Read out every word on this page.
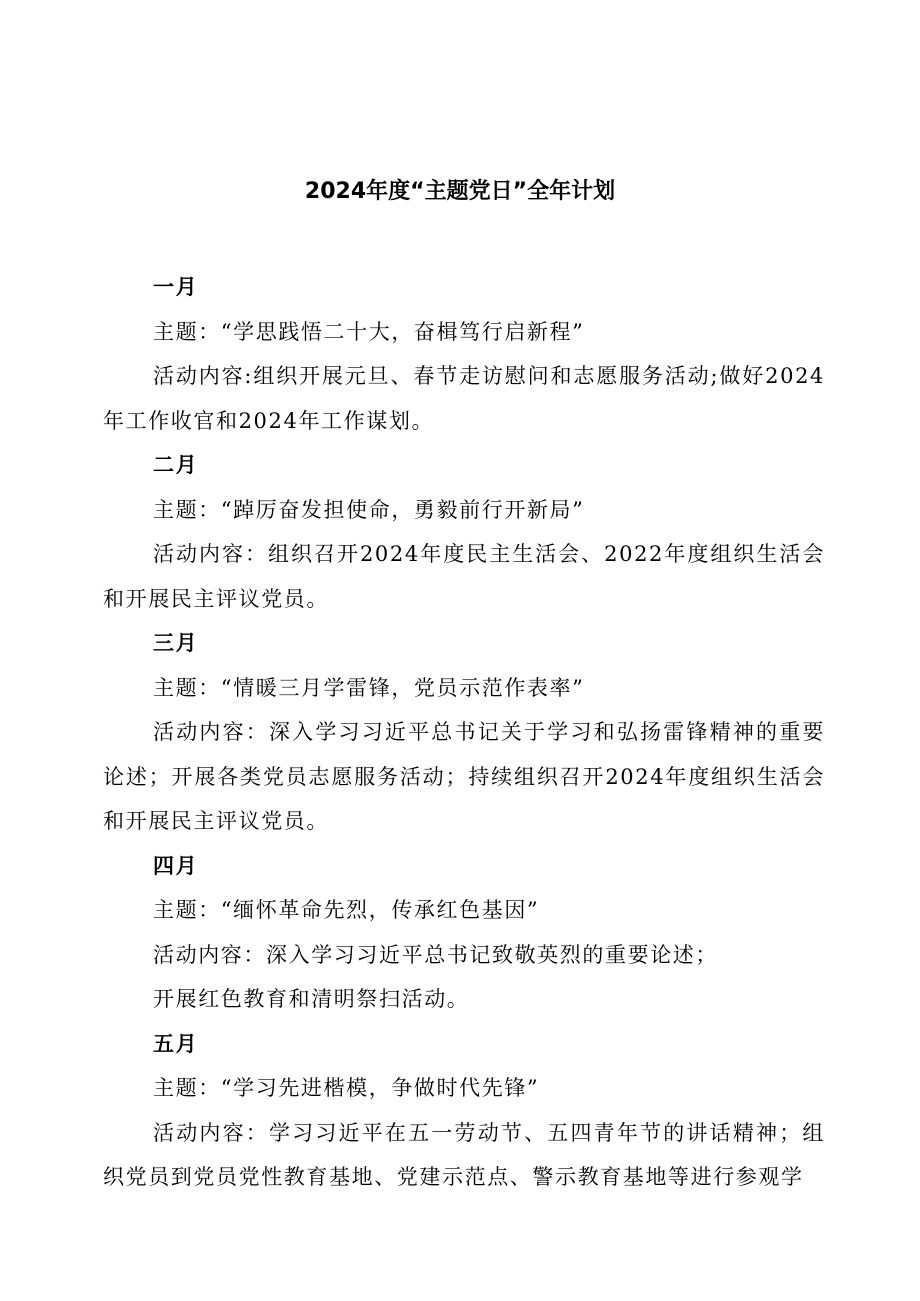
2024年度“主题党日”全年计划

一月

主题：“学思践悟二十大，奋楫笃行启新程”

活动内容:组织开展元旦、春节走访慰问和志愿服务活动;做好2024年工作收官和2024年工作谋划。

二月

主题：“踔厉奋发担使命，勇毅前行开新局”

活动内容：组织召开2024年度民主生活会、2022年度组织生活会和开展民主评议党员。

三月

主题：“情暖三月学雷锋，党员示范作表率”

活动内容：深入学习习近平总书记关于学习和弘扬雷锋精神的重要论述；开展各类党员志愿服务活动；持续组织召开2024年度组织生活会和开展民主评议党员。

四月

主题：“缅怀革命先烈，传承红色基因”

活动内容：深入学习习近平总书记致敬英烈的重要论述；

开展红色教育和清明祭扫活动。

五月

主题：“学习先进楷模，争做时代先锋”

活动内容：学习习近平在五一劳动节、五四青年节的讲话精神；组织党员到党员党性教育基地、党建示范点、警示教育基地等进行参观学
